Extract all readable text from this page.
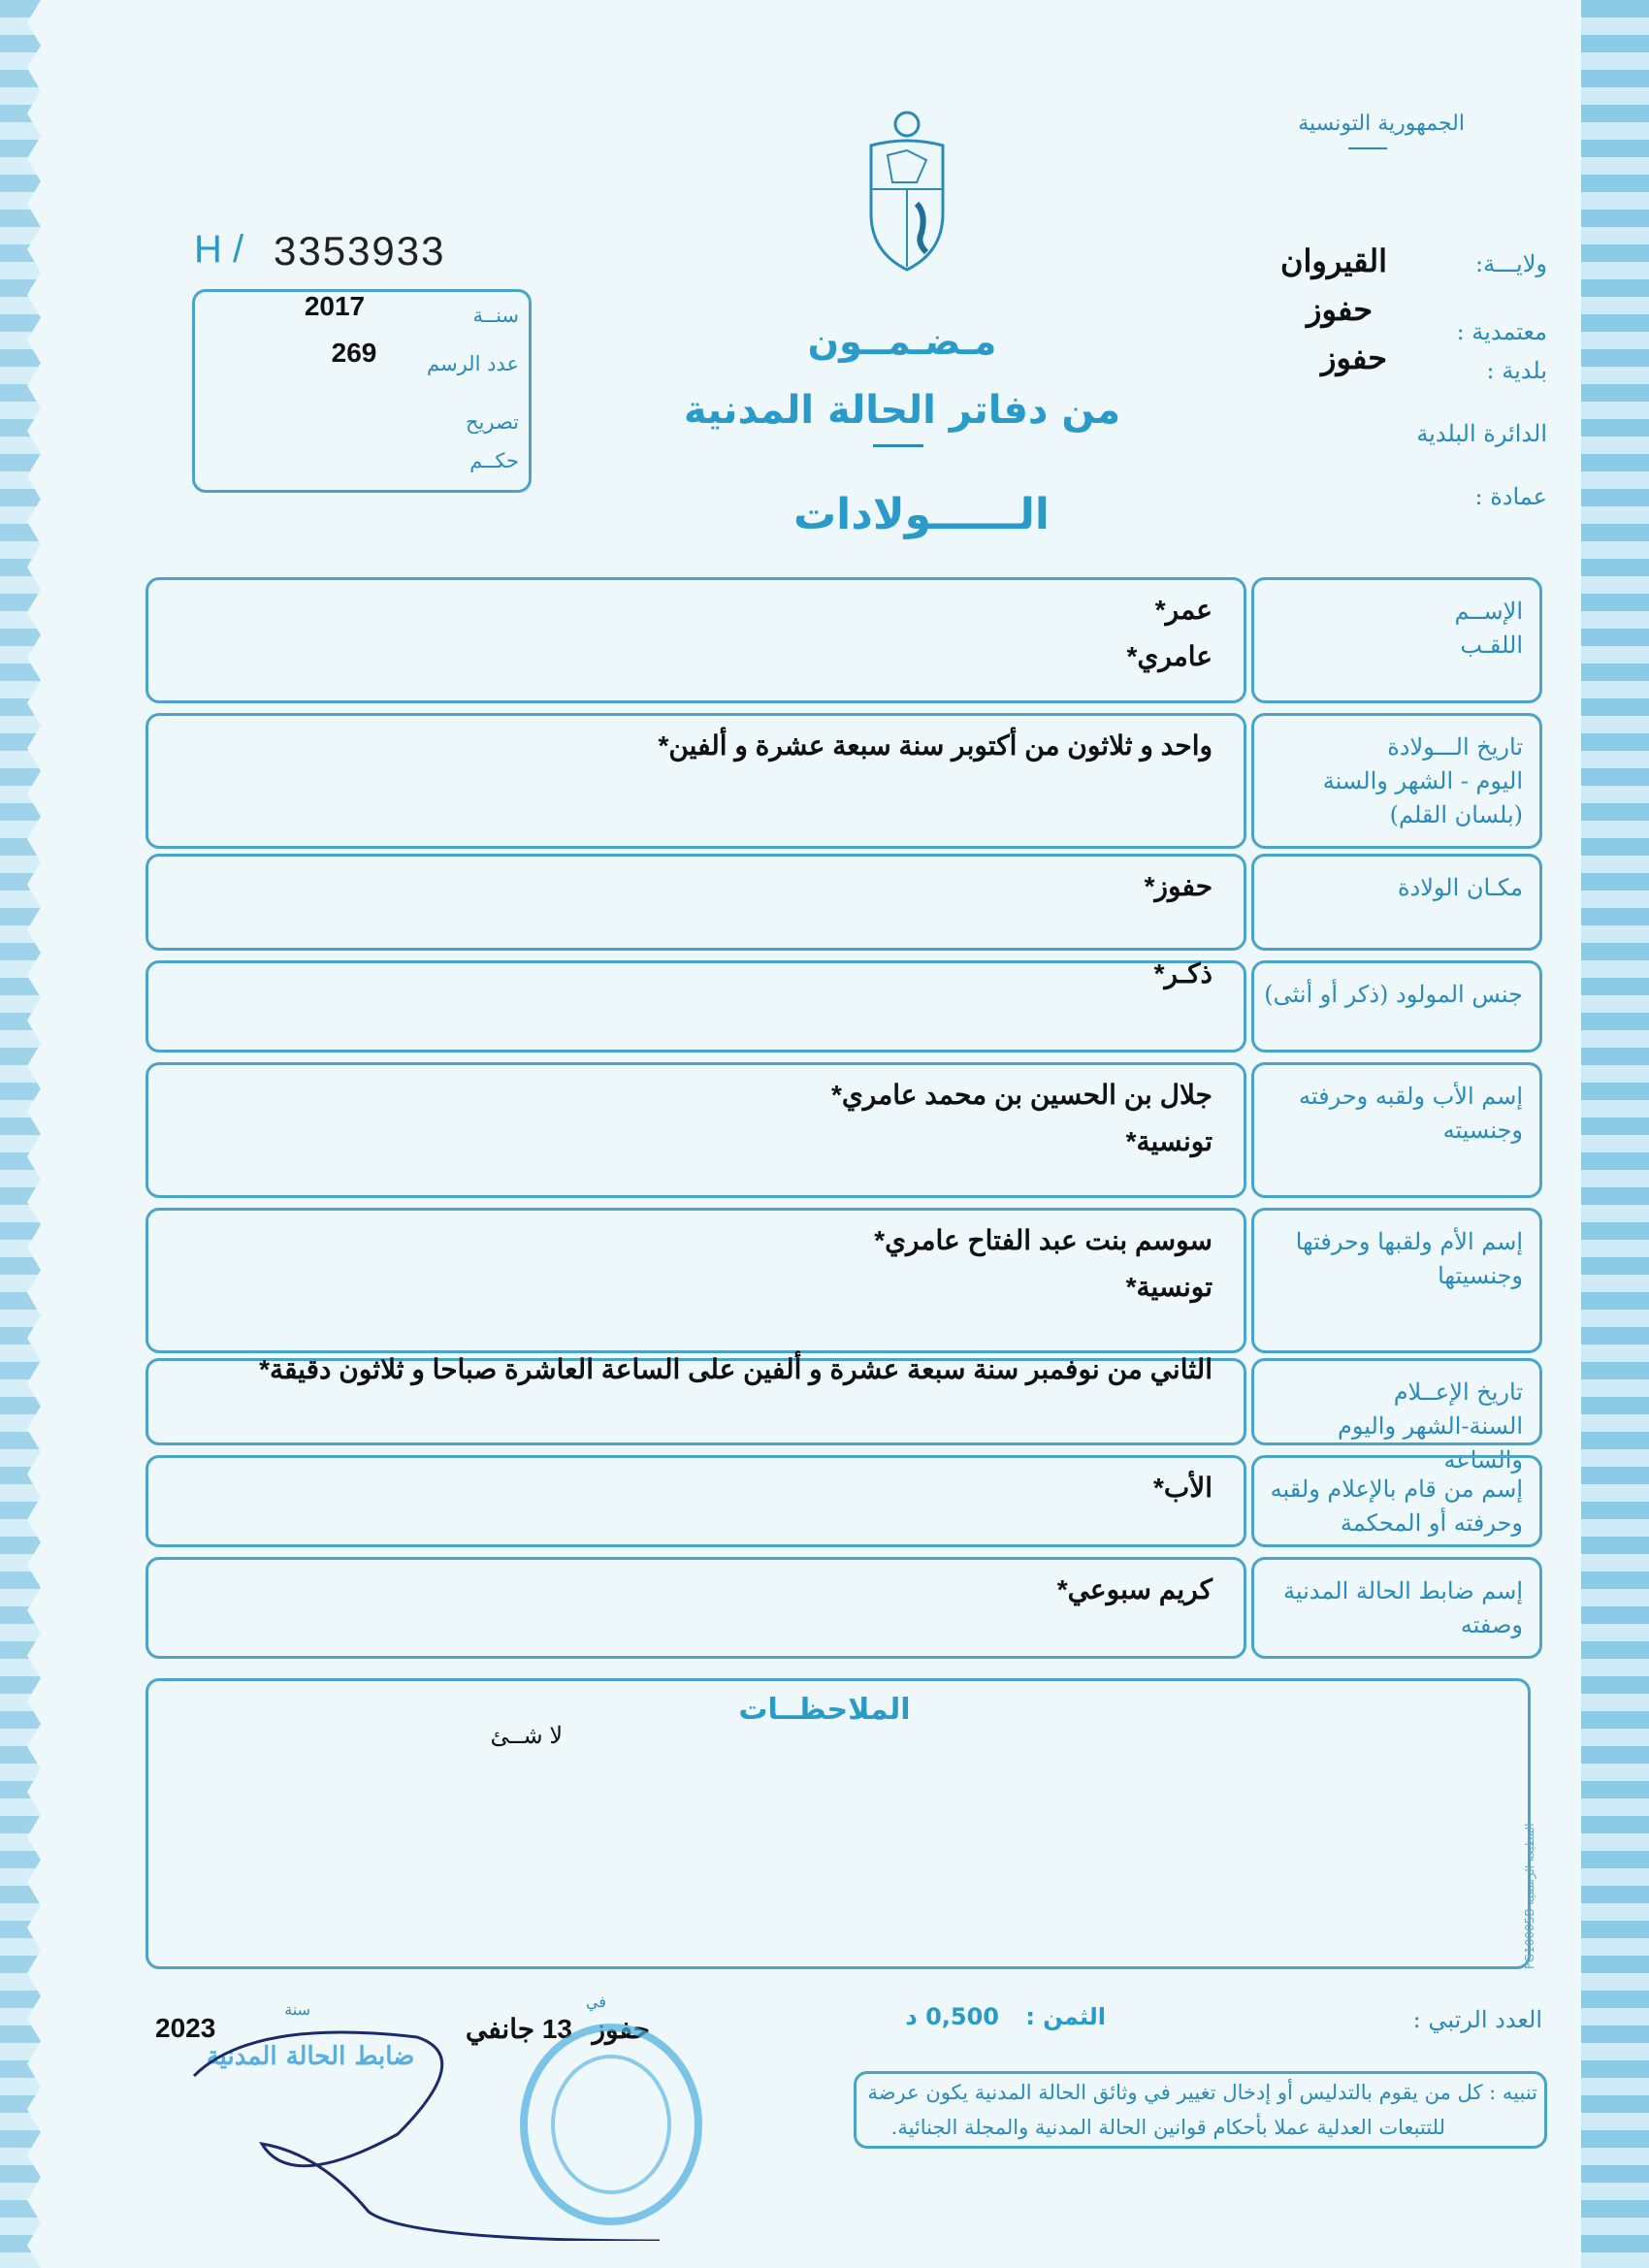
الجمهورية التونسية
H / 3353933
2017	سنــة
269	عدد الرسم
تصريح
حكــم
مـضـمــون
من دفاتر الحالة المدنية
الــــــولادات
ولايـــة:
القيروان
معتمدية :
حفوز
بلدية :
حفوز
الدائرة البلدية
عمادة :
الإســم
اللقـب
عمر*
عامري*
تاريخ الـــولادة
اليوم - الشهر والسنة
(بلسان القلم)
واحد و ثلاثون من أكتوبر سنة سبعة عشرة و ألفين*
مكـان الولادة
حفوز*
جنس المولود (ذكر أو أنثى)
ذكـر*
إسم الأب ولقبه وحرفته
وجنسيته
جلال بن الحسين بن محمد عامري*
تونسية*
إسم الأم ولقبها وحرفتها
وجنسيتها
سوسم بنت عبد الفتاح عامري*
تونسية*
تاريخ الإعــلام
السنة-الشهر واليوم والساعة
الثاني من نوفمبر سنة سبعة عشرة و ألفين على الساعة العاشرة صباحا و ثلاثون دقيقة*
إسم من قام بالإعلام ولقبه
وحرفته أو المحكمة
الأب*
إسم ضابط الحالة المدنية
وصفته
كريم سبوعي*
الملاحظــات
لا شــئ
المطبعة الرسمية FG10005B
العدد الرتبي :
الثمن :
0,500 د
حفوز
في
13 جانفي
سنة
2023
ضابط الحالة المدنية
تنبيه : كل من يقوم بالتدليس أو إدخال تغيير في وثائق الحالة المدنية يكون عرضة
للتتبعات العدلية عملا بأحكام قوانين الحالة المدنية والمجلة الجنائية.
